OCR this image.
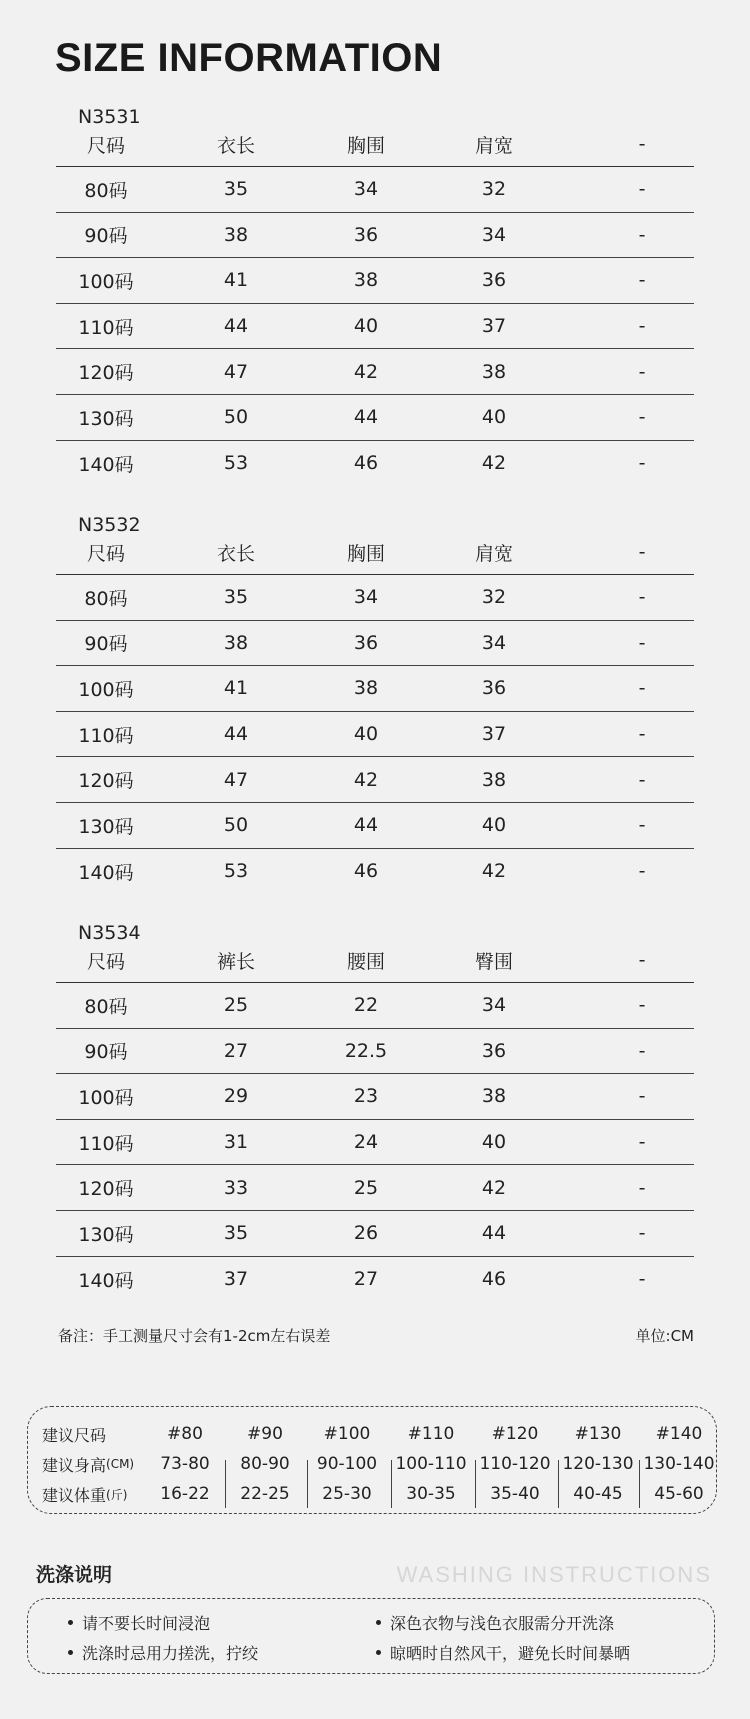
SIZE INFORMATION
N3531
尺码	衣长	胸围	肩宽	-
80码	35	34	32	-
90码	38	36	34	-
100码	41	38	36	-
110码	44	40	37	-
120码	47	42	38	-
130码	50	44	40	-
140码	53	46	42	-
N3532
尺码	衣长	胸围	肩宽	-
80码	35	34	32	-
90码	38	36	34	-
100码	41	38	36	-
110码	44	40	37	-
120码	47	42	38	-
130码	50	44	40	-
140码	53	46	42	-
N3534
尺码	裤长	腰围	臀围	-
80码	25	22	34	-
90码	27	22.5	36	-
100码	29	23	38	-
110码	31	24	40	-
120码	33	25	42	-
130码	35	26	44	-
140码	37	27	46	-
备注：手工测量尺寸会有1-2cm左右误差	单位:CM
建议尺码	#80	#90	#100	#110	#120	#130	#140
建议身高 (CM)	73-80	80-90	90-100	100-110 110-120 120-130 130-140
建议体重 (斤)	16-22	22-25	25-30	30-35	35-40	40-45	45-60
洗涤说明	WASHING INSTRUCTIONS
请不要长时间浸泡
洗涤时忌用力搓洗，拧绞
深色衣物与浅色衣服需分开洗涤
晾晒时自然风干，避免长时间暴晒
